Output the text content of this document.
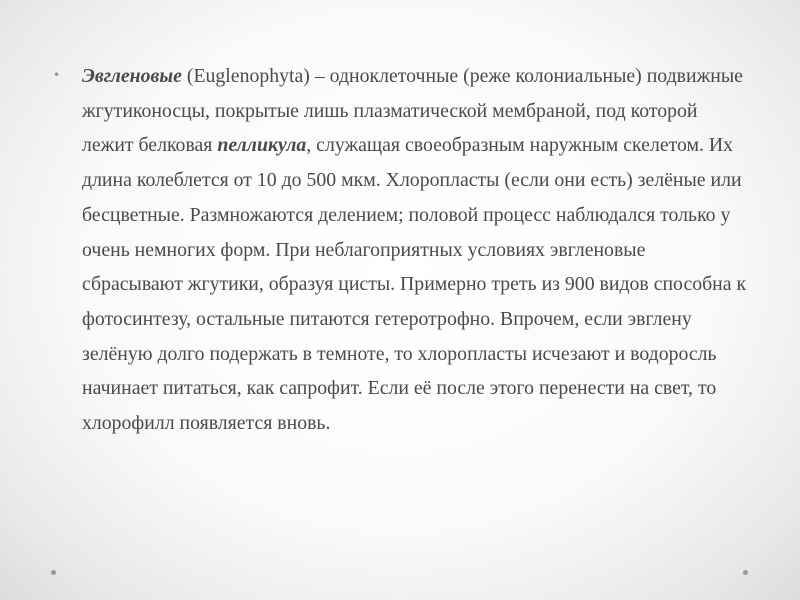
•	Эвгленовые (Euglenophyta) – одноклеточные (реже колониальные) подвижные жгутиконосцы, покрытые лишь плазматической мембраной, под которой лежит белковая пелликула, служащая своеобразным наружным скелетом. Их длина колеблется от 10 до 500 мкм. Хлоропласты (если они есть) зелёные или бесцветные. Размножаются делением; половой процесс наблюдался только у очень немногих форм. При неблагоприятных условиях эвгленовые сбрасывают жгутики, образуя цисты. Примерно треть из 900 видов способна к фотосинтезу, остальные питаются гетеротрофно. Впрочем, если эвглену зелёную долго подержать в темноте, то хлоропласты исчезают и водоросль начинает питаться, как сапрофит. Если её после этого перенести на свет, то хлорофилл появляется вновь.
